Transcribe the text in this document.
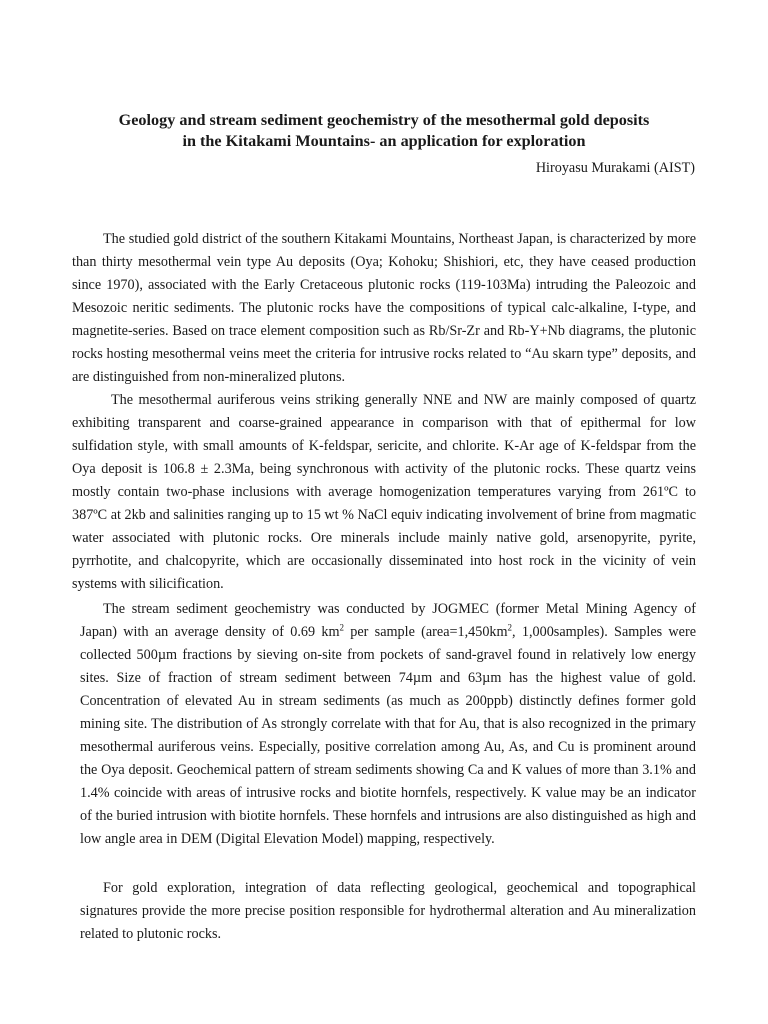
Geology and stream sediment geochemistry of the mesothermal gold deposits
in the Kitakami Mountains- an application for exploration

Hiroyasu Murakami (AIST)

The studied gold district of the southern Kitakami Mountains, Northeast Japan, is characterized by more than thirty mesothermal vein type Au deposits (Oya; Kohoku; Shishiori, etc, they have ceased production since 1970), associated with the Early Cretaceous plutonic rocks (119-103Ma) intruding the Paleozoic and Mesozoic neritic sediments. The plutonic rocks have the compositions of typical calc-alkaline, I-type, and magnetite-series. Based on trace element composition such as Rb/Sr-Zr and Rb-Y+Nb diagrams, the plutonic rocks hosting mesothermal veins meet the criteria for intrusive rocks related to “Au skarn type” deposits, and are distinguished from non-mineralized plutons.

The mesothermal auriferous veins striking generally NNE and NW are mainly composed of quartz exhibiting transparent and coarse-grained appearance in comparison with that of epithermal for low sulfidation style, with small amounts of K-feldspar, sericite, and chlorite. K-Ar age of K-feldspar from the Oya deposit is 106.8 ± 2.3Ma, being synchronous with activity of the plutonic rocks. These quartz veins mostly contain two-phase inclusions with average homogenization temperatures varying from 261ºC to 387ºC at 2kb and salinities ranging up to 15 wt % NaCl equiv indicating involvement of brine from magmatic water associated with plutonic rocks. Ore minerals include mainly native gold, arsenopyrite, pyrite, pyrrhotite, and chalcopyrite, which are occasionally disseminated into host rock in the vicinity of vein systems with silicification.

The stream sediment geochemistry was conducted by JOGMEC (former Metal Mining Agency of Japan) with an average density of 0.69 $km^2$ per sample ($area=1,450km^2$, 1,000samples). Samples were collected 500µm fractions by sieving on-site from pockets of sand-gravel found in relatively low energy sites. Size of fraction of stream sediment between 74µm and 63µm has the highest value of gold. Concentration of elevated Au in stream sediments (as much as 200ppb) distinctly defines former gold mining site. The distribution of As strongly correlate with that for Au, that is also recognized in the primary mesothermal auriferous veins. Especially, positive correlation among Au, As, and Cu is prominent around the Oya deposit. Geochemical pattern of stream sediments showing Ca and K values of more than 3.1% and 1.4% coincide with areas of intrusive rocks and biotite hornfels, respectively. K value may be an indicator of the buried intrusion with biotite hornfels. These hornfels and intrusions are also distinguished as high and low angle area in DEM (Digital Elevation Model) mapping, respectively.

For gold exploration, integration of data reflecting geological, geochemical and topographical signatures provide the more precise position responsible for hydrothermal alteration and Au mineralization related to plutonic rocks.
